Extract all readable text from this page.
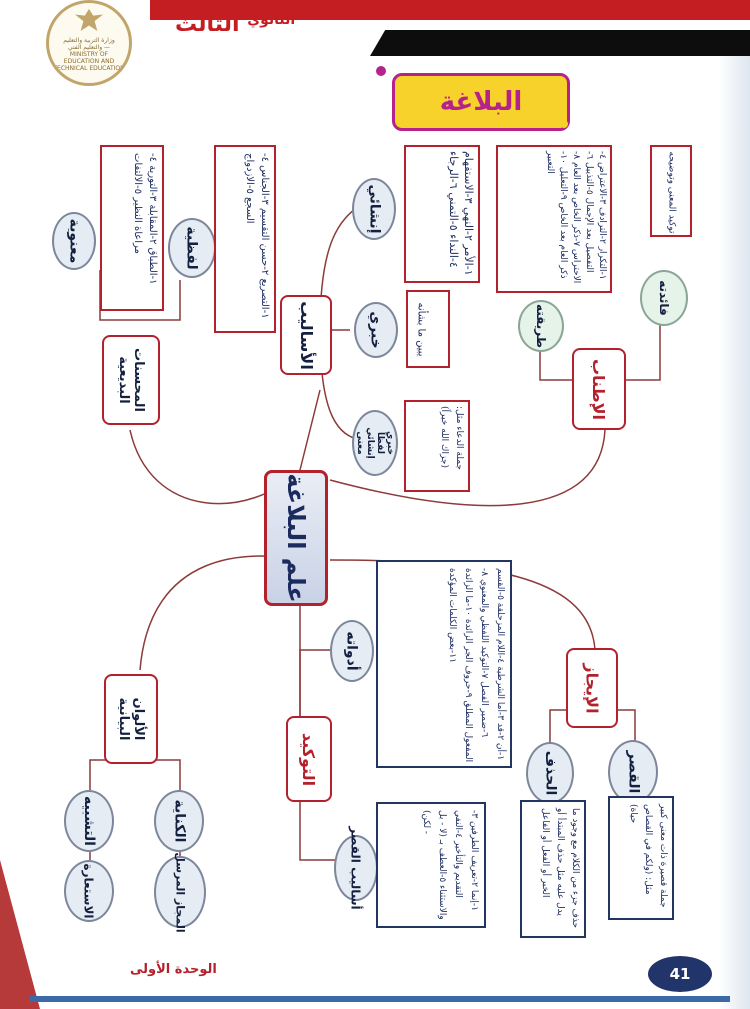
وزارة التربية والتعليم والتعليم الفني — MINISTRY OF EDUCATION AND TECHNICAL EDUCATION
$^{الثانوي}$ الثالث
البلاغة
علم البلاغة
الأساليب
إنشائي
١-الأمر ٢-النهي ٣-الاستفهام ٤-النداء ٥-التمني ٦-الرجاء
خبري	يبين ما بشأنه
خبري لفظاً إنشائي معنى	جملة الدعاء مثل: (جزاك الله خيراً)
الإطناب
طريقته
فائدته
١-التكرار ٢-الترادف ٣-الاعتراض ٤-التفصيل بعد الإجمال ٥-التذييل ٦-الاحتراس ٧-ذكر الخاص بعد العام ٨-ذكر العام بعد الخاص ٩-التعليل ١٠-التعبير	توكيد المعنى وتوضيحه
المحسنات البديعية
لفظية
معنوية
١-التصريع ٢-حسن التقسيم ٣-الجناس ٤-السجع ٥-الازدواج
١-الطباق ٢-المقابلة ٣-التورية ٤-مراعاة النظير ٥-الالتفات
التوكيد
أدواته
أساليب القصر
١-أن ٢-قد ٣-أما الشرطية ٤-اللام المزحلقة ٥-القسم ٦-ضمير الفصل ٧-التوكيد اللفظي والمعنوي ٨-المفعول المطلق ٩-حروف الجر الزائدة ١٠-ما الزائدة ١١-بعض الكلمات المؤكدة
١-إنما ٢-تعريف الطرفين ٣-التقديم والتأخير ٤-النفي والاستثناء ٥-العطف بـ (لا - بل - لكن)
الإيجاز
الحذف	القصر
حذف جزء من الكلام مع وجود ما يدل عليه مثل حذف المبتدأ أو الخبر أو الفعل أو الفاعل	جملة قصيرة ذات معنى كبير مثل: (ولكم في القصاص حياة)
الألوان البيانية
التشبيه	الكناية
الاستعارة	المجاز المرسل
الوحدة الأولى	41
